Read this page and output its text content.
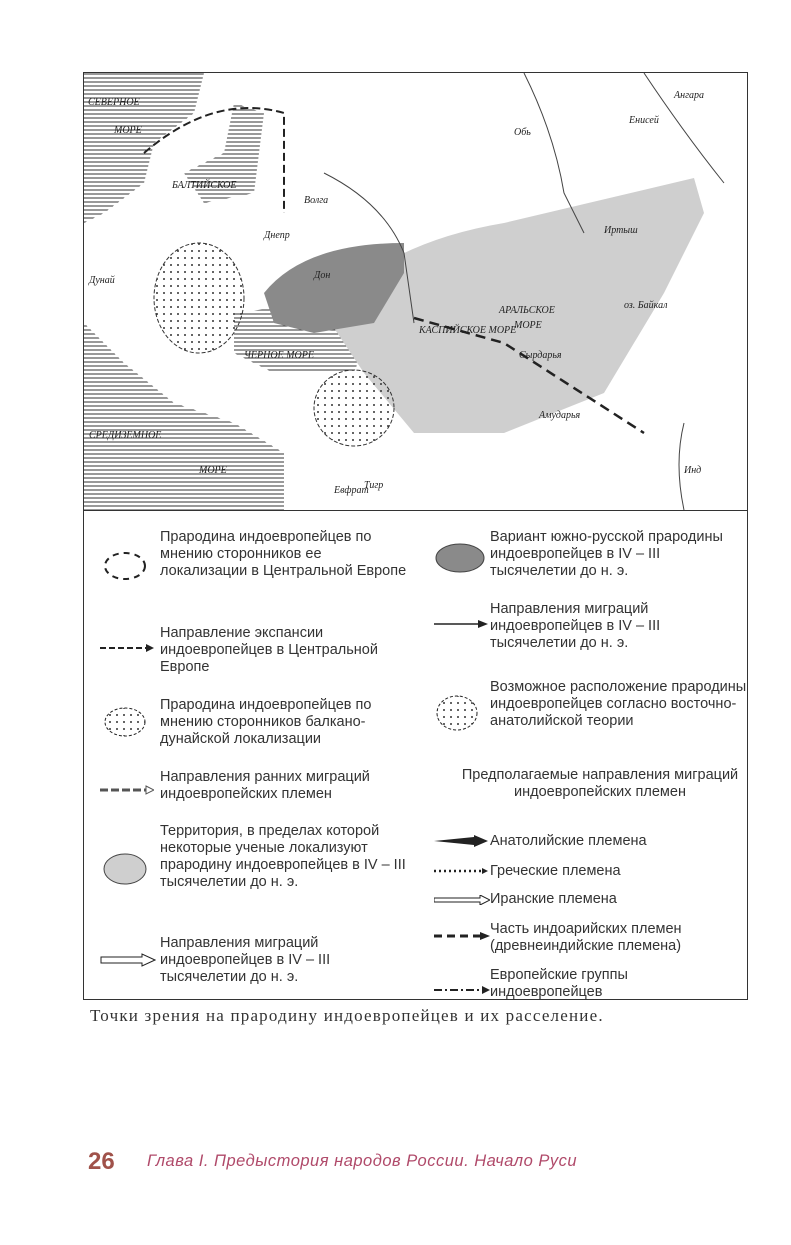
СЕВЕРНОЕ
МОРЕ
БАЛТИЙСКОЕ
Волга
Днепр
Дон
Дунай
ЧЕРНОЕ МОРЕ
СРЕДИЗЕМНОЕ
МОРЕ
КАСПИЙСКОЕ МОРЕ
АРАЛЬСКОЕ
МОРЕ
Сырдарья
Амударья
Обь
Енисей
Ангара
Иртыш
оз. Байкал
Инд
Тигр
Евфрат
Прародина индоевропейцев по мнению сторонников ее локализации в Центральной Европе
Направление экспансии индоевропейцев в Центральной Европе
Прародина индоевропейцев по мнению сторонников балкано-дунайской локализации
Направления ранних миграций индоевропейских племен
Территория, в пределах которой некоторые ученые локализуют прародину индоевропейцев в IV – III тысячелетии до н. э.
Направления миграций индоевропейцев в IV – III тысячелетии до н. э.
Вариант южно-русской прародины индоевропейцев в IV – III тысячелетии до н. э.
Направления миграций индоевропейцев в IV – III тысячелетии до н. э.
Возможное расположение прародины индоевропейцев согласно восточно-анатолийской теории
Предполагаемые направления миграций индоевропейских племен
Анатолийские племена
Греческие племена
Иранские племена
Часть индоарийских племен (древнеиндийские племена)
Европейские группы индоевропейцев
Точки зрения на прародину индоевропейцев и их расселение.
26 Глава I. Предыстория народов России. Начало Руси
